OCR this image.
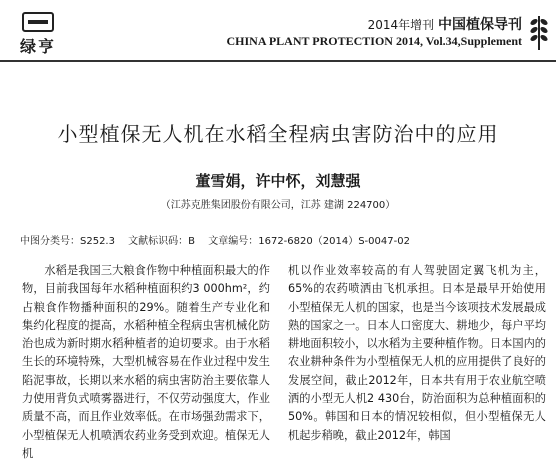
绿亨
2014年增刊 中国植保导刊
CHINA PLANT PROTECTION 2014, Vol.34,Supplement
小型植保无人机在水稻全程病虫害防治中的应用
董雪娟，许中怀，刘慧强
（江苏克胜集团股份有限公司，江苏 建湖 224700）
中图分类号：S252.3 文献标识码：B 文章编号：1672-6820（2014）S-0047-02

水稻是我国三大粮食作物中种植面积最大的作物，目前我国每年水稻种植面积约3 000hm²，约占粮食作物播种面积的29%。随着生产专业化和集约化程度的提高，水稻种植全程病虫害机械化防治也成为新时期水稻种植者的迫切要求。由于水稻生长的环境特殊，大型机械容易在作业过程中发生陷泥事故，长期以来水稻的病虫害防治主要依靠人力使用背负式喷雾器进行，不仅劳动强度大，作业质量不高，而且作业效率低。在市场强劲需求下，小型植保无人机喷洒农药业务受到欢迎。植保无人机

机以作业效率较高的有人驾驶固定翼飞机为主，65%的农药喷洒由飞机承担。日本是最早开始使用小型植保无人机的国家，也是当今该项技术发展最成熟的国家之一。日本人口密度大、耕地少，每户平均耕地面积较小，以水稻为主要种植作物。日本国内的农业耕种条件为小型植保无人机的应用提供了良好的发展空间，截止2012年，日本共有用于农业航空喷洒的小型无人机2 430台，防治面积为总种植面积的50%。韩国和日本的情况较相似，但小型植保无人机起步稍晚，截止2012年，韩国
